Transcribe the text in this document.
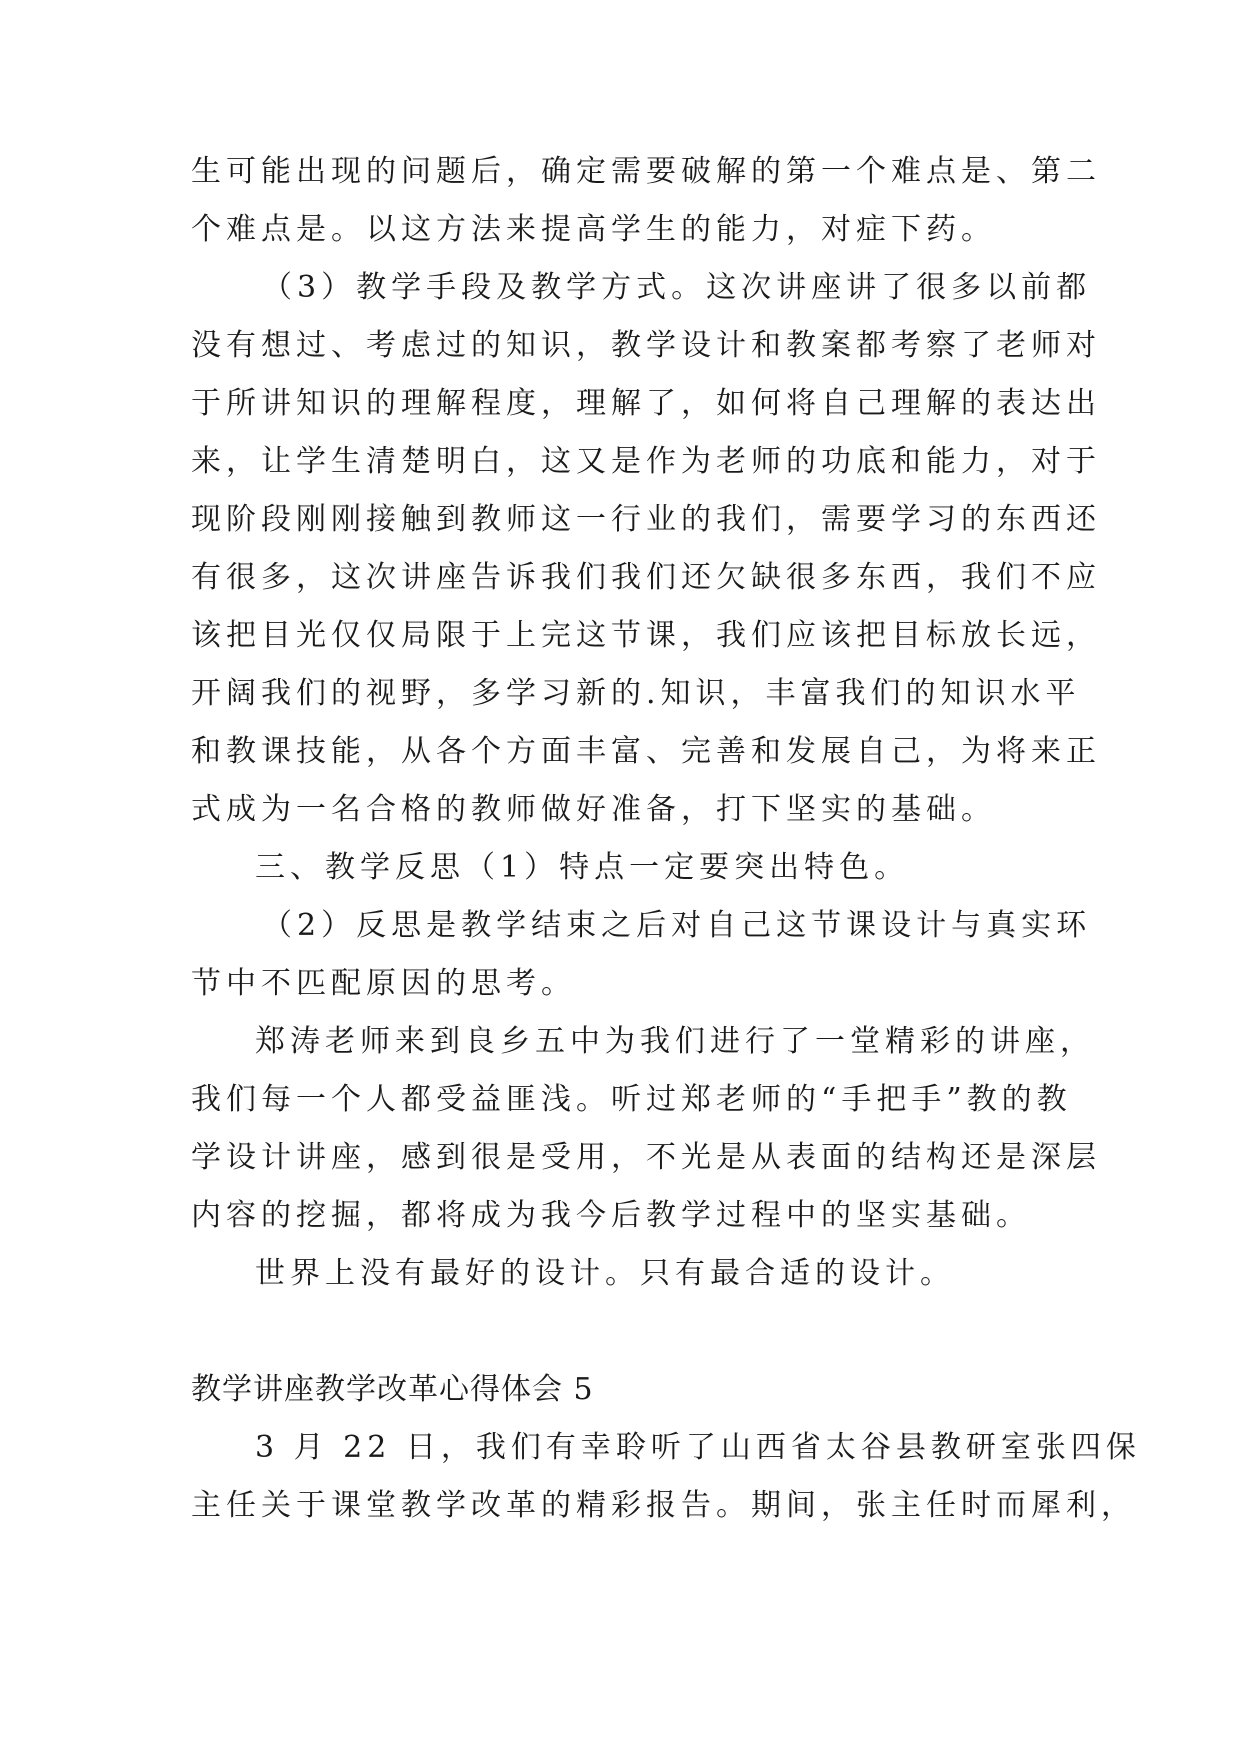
生可能出现的问题后，确定需要破解的第一个难点是、第二
个难点是。以这方法来提高学生的能力，对症下药。
（3）教学手段及教学方式。这次讲座讲了很多以前都
没有想过、考虑过的知识，教学设计和教案都考察了老师对
于所讲知识的理解程度，理解了，如何将自己理解的表达出
来，让学生清楚明白，这又是作为老师的功底和能力，对于
现阶段刚刚接触到教师这一行业的我们，需要学习的东西还
有很多，这次讲座告诉我们我们还欠缺很多东西，我们不应
该把目光仅仅局限于上完这节课，我们应该把目标放长远，
开阔我们的视野，多学习新的.知识，丰富我们的知识水平
和教课技能，从各个方面丰富、完善和发展自己，为将来正
式成为一名合格的教师做好准备，打下坚实的基础。
三、教学反思（1）特点一定要突出特色。
（2）反思是教学结束之后对自己这节课设计与真实环
节中不匹配原因的思考。
郑涛老师来到良乡五中为我们进行了一堂精彩的讲座，
我们每一个人都受益匪浅。听过郑老师的“手把手”教的教
学设计讲座，感到很是受用，不光是从表面的结构还是深层
内容的挖掘，都将成为我今后教学过程中的坚实基础。
世界上没有最好的设计。只有最合适的设计。
教学讲座教学改革心得体会 5
3 月 22 日，我们有幸聆听了山西省太谷县教研室张四保
主任关于课堂教学改革的精彩报告。期间，张主任时而犀利，
